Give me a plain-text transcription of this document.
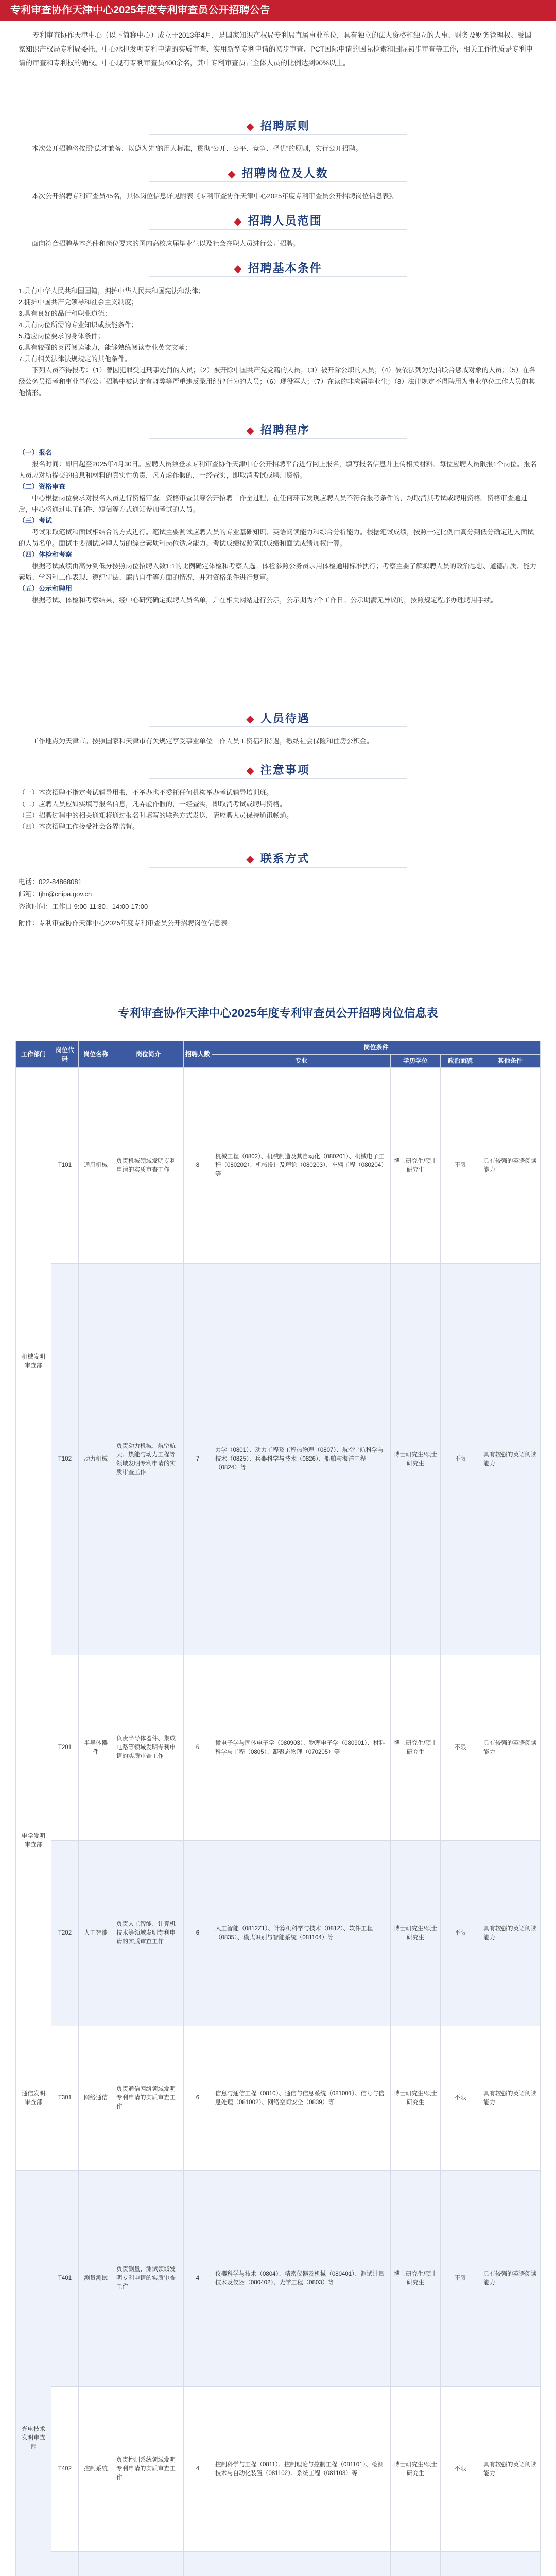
专利审查协作天津中心2025年度专利审查员公开招聘公告
专利审查协作天津中心（以下简称中心）成立于2013年4月，是国家知识产权局专利局直属事业单位，具有独立的法人资格和独立的人事、财务及财务管理权。受国家知识产权局专利局委托，中心承担发明专利申请的实质审查、实用新型专利申请的初步审查、PCT国际申请的国际检索和国际初步审查等工作，相关工作性质是专利申请的审查和专利权的确权。中心现有专利审查员400余名，其中专利审查员占全体人员的比例达到90%以上。
◆ 招聘原则

本次公开招聘将按照“德才兼备、以德为先”的用人标准，贯彻“公开、公平、竞争、择优”的原则，实行公开招聘。

◆ 招聘岗位及人数

本次公开招聘专利审查员45名，具体岗位信息详见附表《专利审查协作天津中心2025年度专利审查员公开招聘岗位信息表》。

◆ 招聘人员范围

面向符合招聘基本条件和岗位要求的国内高校应届毕业生以及社会在职人员进行公开招聘。

◆ 招聘基本条件

1.具有中华人民共和国国籍，拥护中华人民共和国宪法和法律；

2.拥护中国共产党领导和社会主义制度；

3.具有良好的品行和职业道德；

4.具有岗位所需的专业知识或技能条件；

5.适应岗位要求的身体条件；

6.具有较强的英语阅读能力，能够熟练阅读专业英文文献；

7.具有相关法律法规规定的其他条件。

下列人员不得报考：（1）曾因犯罪受过刑事处罚的人员；（2）被开除中国共产党党籍的人员；（3）被开除公职的人员；（4）被依法列为失信联合惩戒对象的人员；（5）在各级公务员招考和事业单位公开招聘中被认定有舞弊等严重违反录用纪律行为的人员；（6）现役军人；（7）在读的非应届毕业生；（8）法律规定不得聘用为事业单位工作人员的其他情形。

◆ 招聘程序

（一）报名

报名时间：即日起至2025年4月30日。应聘人员须登录专利审查协作天津中心公开招聘平台进行网上报名，填写报名信息并上传相关材料。每位应聘人员限报1个岗位。报名人员应对所提交的信息和材料的真实性负责，凡弄虚作假的，一经查实，即取消考试或聘用资格。

（二）资格审查

中心根据岗位要求对报名人员进行资格审查。资格审查贯穿公开招聘工作全过程，在任何环节发现应聘人员不符合报考条件的，均取消其考试或聘用资格。资格审查通过后，中心将通过电子邮件、短信等方式通知参加考试的人员。

（三）考试

考试采取笔试和面试相结合的方式进行。笔试主要测试应聘人员的专业基础知识、英语阅读能力和综合分析能力。根据笔试成绩，按照一定比例由高分到低分确定进入面试的人员名单。面试主要测试应聘人员的综合素质和岗位适应能力。考试成绩按照笔试成绩和面试成绩加权计算。

（四）体检和考察

根据考试成绩由高分到低分按照岗位招聘人数1:1的比例确定体检和考察人选。体检参照公务员录用体检通用标准执行；考察主要了解拟聘人员的政治思想、道德品质、能力素质、学习和工作表现、遵纪守法、廉洁自律等方面的情况，并对资格条件进行复审。

（五）公示和聘用

根据考试、体检和考察结果，经中心研究确定拟聘人员名单，并在相关网站进行公示，公示期为7个工作日。公示期满无异议的，按照规定程序办理聘用手续。

◆ 人员待遇

工作地点为天津市。按照国家和天津市有关规定享受事业单位工作人员工资福利待遇，缴纳社会保险和住房公积金。

◆ 注意事项

（一）本次招聘不指定考试辅导用书，不举办也不委托任何机构举办考试辅导培训班。

（二）应聘人员应如实填写报名信息，凡弄虚作假的，一经查实，即取消考试或聘用资格。

（三）招聘过程中的相关通知将通过报名时填写的联系方式发送，请应聘人员保持通讯畅通。

（四）本次招聘工作接受社会各界监督。

◆ 联系方式
电话：022-84868081
邮箱：tjhr@cnipa.gov.cn
咨询时间：工作日 9:00-11:30、14:00-17:00
附件：专利审查协作天津中心2025年度专利审查员公开招聘岗位信息表
专利审查协作天津中心2025年度专利审查员公开招聘岗位信息表
工作部门	岗位代码	岗位名称	岗位简介	招聘人数	岗位条件			
					专业	学历学位	政治面貌	其他条件
机械发明审查部	T101	通用机械	负责机械领域发明专利申请的实质审查工作	8	机械工程（0802）、机械制造及其自动化（080201）、机械电子工程（080202）、机械设计及理论（080203）、车辆工程（080204）等	博士研究生/硕士研究生	不限	具有较强的英语阅读能力
	T102	动力机械	负责动力机械、航空航天、热能与动力工程等领域发明专利申请的实质审查工作	7	力学（0801）、动力工程及工程热物理（0807）、航空宇航科学与技术（0825）、兵器科学与技术（0826）、船舶与海洋工程（0824）等	博士研究生/硕士研究生	不限	具有较强的英语阅读能力
电学发明审查部	T201	半导体器件	负责半导体器件、集成电路等领域发明专利申请的实质审查工作	6	微电子学与固体电子学（080903）、物理电子学（080901）、材料科学与工程（0805）、凝聚态物理（070205）等	博士研究生/硕士研究生	不限	具有较强的英语阅读能力
	T202	人工智能	负责人工智能、计算机技术等领域发明专利申请的实质审查工作	6	人工智能（0812Z1）、计算机科学与技术（0812）、软件工程（0835）、模式识别与智能系统（081104）等	博士研究生/硕士研究生	不限	具有较强的英语阅读能力
通信发明审查部	T301	网络通信	负责通信网络领域发明专利申请的实质审查工作	6	信息与通信工程（0810）、通信与信息系统（081001）、信号与信息处理（081002）、网络空间安全（0839）等	博士研究生/硕士研究生	不限	具有较强的英语阅读能力
光电技术发明审查部	T401	测量测试	负责测量、测试领域发明专利申请的实质审查工作	4	仪器科学与技术（0804）、精密仪器及机械（080401）、测试计量技术及仪器（080402）、光学工程（0803）等	博士研究生/硕士研究生	不限	具有较强的英语阅读能力
	T402	控制系统	负责控制系统领域发明专利申请的实质审查工作	4	控制科学与工程（0811）、控制理论与控制工程（081101）、检测技术与自动化装置（081102）、系统工程（081103）等	博士研究生/硕士研究生	不限	具有较强的英语阅读能力
